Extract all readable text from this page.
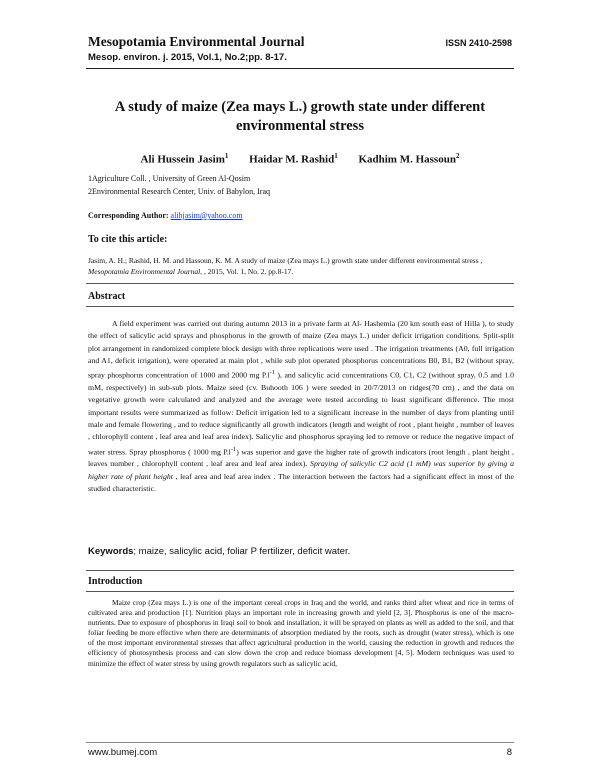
Mesopotamia Environmental Journal	ISSN 2410-2598
Mesop. environ. j. 2015, Vol.1, No.2;pp. 8-17.
A study of maize (Zea mays L.) growth state under different environmental stress
Ali Hussein Jasim$^1$ Haidar M. Rashid$^1$ Kadhim M. Hassoun$^2$
1Agriculture Coll. , University of Green Al-Qosim
2Environmental Research Center, Univ. of Babylon, Iraq
Corresponding Author: alihjasim@yahoo.com
To cite this article:
Jasim, A. H.; Rashid, H. M. and Hassoun, K. M. A study of maize (Zea mays L.) growth state under different environmental stress , Mesopotamia Environmental Journal, , 2015, Vol. 1, No. 2, pp.8-17.
Abstract

A field experiment was carried out during autumn 2013 in a private farm at Al- Hashemia (20 km south east of Hilla ), to study the effect of salicylic acid sprays and phosphorus in the growth of maize (Zea mays L.) under deficit irrigation conditions. Split-split plot arrangement in randomized complete block design with three replications were used . The irrigation treatments (A0, full irrigation and A1, deficit irrigation), were operated at main plot , while sub plot operated phosphorus concentrations B0, B1, B2 (without spray, spray phosphorus concentration of 1000 and 2000 mg $P.l^{-1}$ ), and salicylic acid concentrations C0, C1, C2 (without spray, 0.5 and 1.0 mM, respectively) in sub-sub plots. Maize seed (cv. Buhooth 106 ) were seeded in 20/7/2013 on ridges(70 cm) , and the data on vegetative growth were calculated and analyzed and the average were tested according to least significant difference. The most important results were summarized as follow: Deficit irrigation led to a significant increase in the number of days from planting until male and female flowering , and to reduce significantly all growth indicators (length and weight of root , plant height , number of leaves , chlorophyll content , leaf area and leaf area index). Salicylic and phosphorus spraying led to remove or reduce the negative impact of water stress. Spray phosphorus ( 1000 mg $P.l^{-1}$) was superior and gave the higher rate of growth indicators (root length , plant height , leaves number , chlorophyll content , leaf area and leaf area index). Spraying of salicylic C2 acid (1 mM) was superior by giving a higher rate of plant height , leaf area and leaf area index . The interaction between the factors had a significant effect in most of the studied characteristic.

Keywords; maize, salicylic acid, foliar P fertilizer, deficit water.
Introduction

Maize crop (Zea mays L.) is one of the important cereal crops in Iraq and the world, and ranks third after wheat and rice in terms of cultivated area and production [1]. Nutrition plays an important role in increasing growth and yield [2, 3]. Phosphorus is one of the macro-nutrients. Due to exposure of phosphorus in Iraqi soil to book and installation, it will be sprayed on plants as well as added to the soil, and that foliar feeding be more effective when there are determinants of absorption mediated by the roots, such as drought (water stress), which is one of the most important environmental stresses that affect agricultural production in the world, causing the reduction in growth and reduces the efficiency of photosynthesis process and can slow down the crop and reduce biomass development [4, 5]. Modern techniques was used to minimize the effect of water stress by using growth regulators such as salicylic acid,

www.bumej.com	8
